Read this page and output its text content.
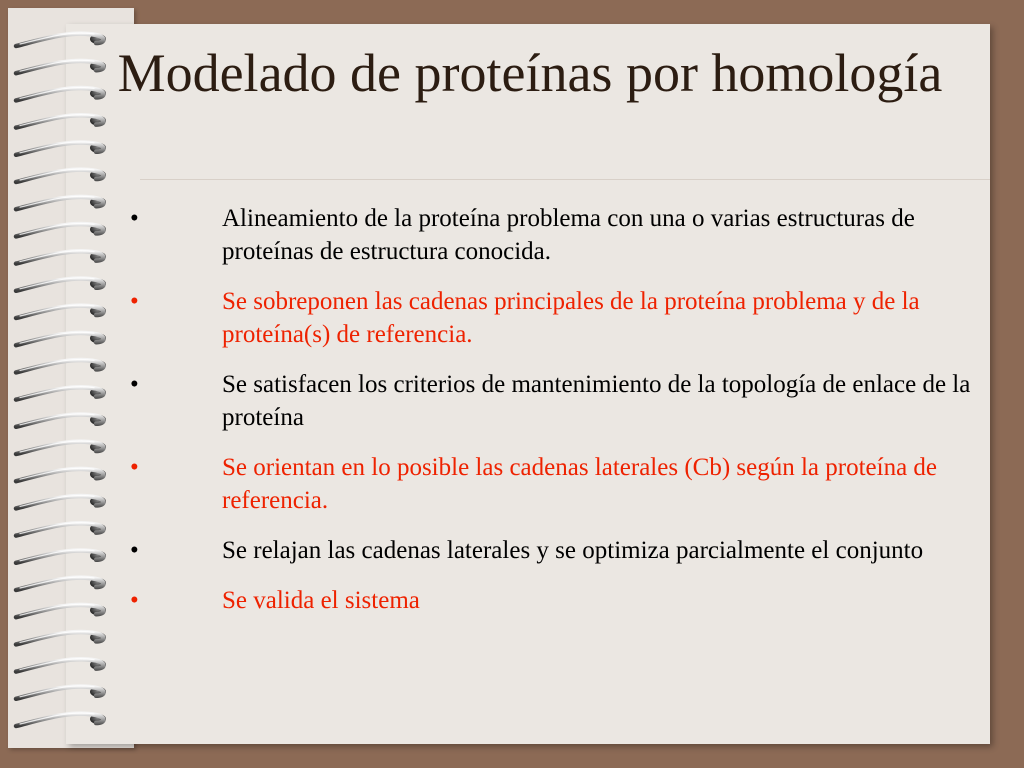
Modelado de proteínas por homología
•	Alineamiento de la proteína problema con una o varias estructuras de proteínas de estructura conocida.
•	Se sobreponen las cadenas principales de la proteína problema y de la proteína(s) de referencia.
•	Se satisfacen los criterios de mantenimiento de la topología de enlace de la proteína
•	Se orientan en lo posible las cadenas laterales (Cb) según la proteína de referencia.
•	Se relajan las cadenas laterales y se optimiza parcialmente el conjunto
•	Se valida el sistema
